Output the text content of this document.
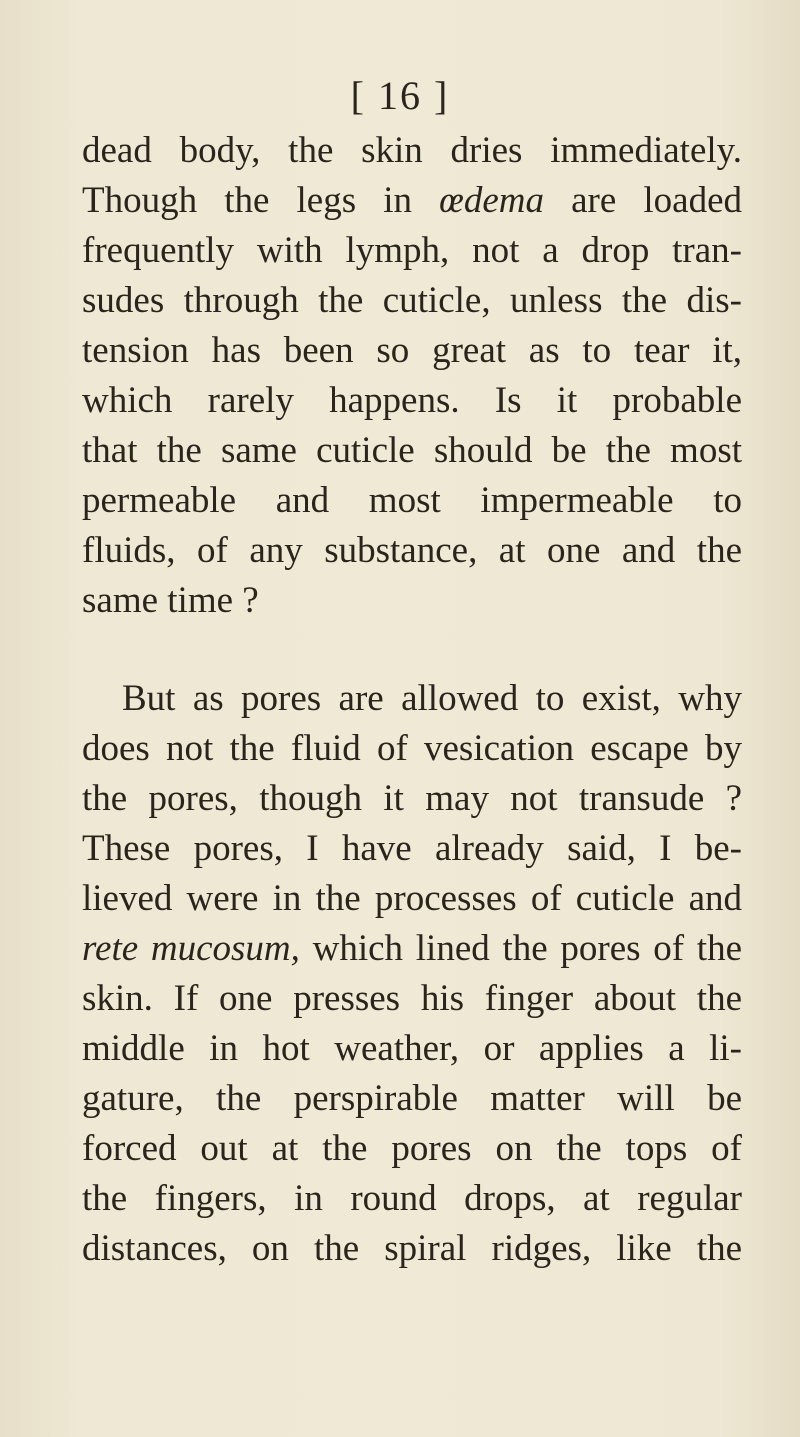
[ 16 ]
dead body, the skin dries immediately.
Though the legs in œdema are loaded
frequently with lymph, not a drop tran-
sudes through the cuticle, unless the dis-
tension has been so great as to tear it,
which rarely happens. Is it probable
that the same cuticle should be the most
permeable and most impermeable to
fluids, of any substance, at one and the
same time ?
But as pores are allowed to exist, why
does not the fluid of vesication escape by
the pores, though it may not transude ?
These pores, I have already said, I be-
lieved were in the processes of cuticle and
rete mucosum, which lined the pores of the
skin. If one presses his finger about the
middle in hot weather, or applies a li-
gature, the perspirable matter will be
forced out at the pores on the tops of
the fingers, in round drops, at regular
distances, on the spiral ridges, like the
